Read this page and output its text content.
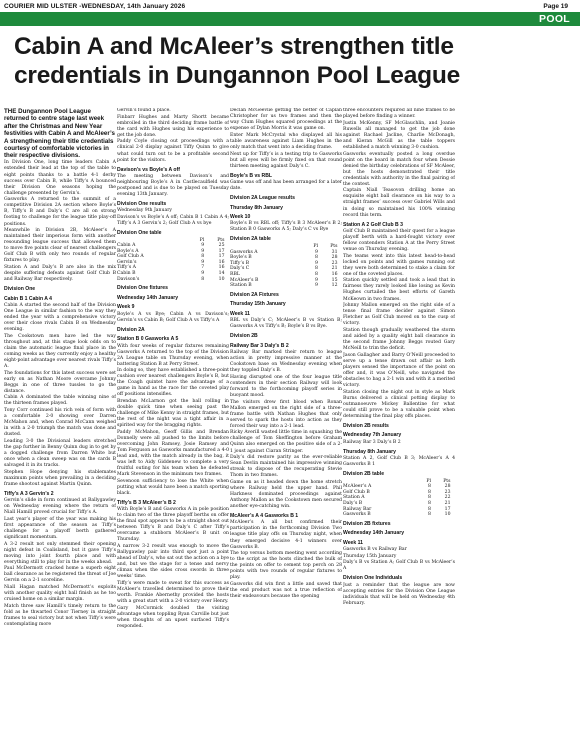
COURIER MID ULSTER -WEDNESDAY, 14th January 2026	Page 19
POOL
Cabin A and McAleer’s strengthen title credentials in Dungannon Pool League

THE Dungannon Pool League returned to centre stage last week after the Christmas and New Year festivities with Cabin A and McAleer’s A strengthening their title credentials courtesy of comfortable victories in their respective divisions.

In Division One, long time leaders Cabin A extended their lead at the top of the table to eight points thanks to a battle 4-1 derby success over Cabin B, while Tiffy’s A bounced their Division One seasons hoping the challenge presented by Gervin’s.

Gasworks A returned to the summit of a competitive Division 2A section where Boyle’s B, Tiffy’s B and Daly’s C are all on strong footing to challenge for the league title play-off positions.

Meanwhile in Division 2B, McAleer’s A maintained their imperious form with another resounding league success that allowed them to move five points clear of nearest challengers Golf Club B with only two rounds of regular fixtures to play.

Station A and Daly’s B are also in the mix despite suffering defeats against Golf Club B and Railway Bar respectively.

Division One

Cabin B 1 Cabin A 4

Cabin A started the second half of the Division One League in similar fashion to the way they ended the year with a comprehensive victory over their close rivals Cabin B on Wednesday evening.

The Cookstown men have led the way throughout and, at this stage look odds on to claim the automatic league final place in the coming weeks as they currently enjoy a healthy eight-point advantage over nearest rivals Tiffy’s A.

The foundations for this latest success were set early on as Nathan Moore overcame Johnny Beggs in one of three tussles to go the distance.

Cabin A dominated the table winning nine of the thirteen frames played.

Tony Corr continued his rich vein of form with a comfortable 2-0 showing over Darren McMahon and, when Conrad McCann weighed in with a 2-0 triumph the match was done and dusted.

Leading 3-0 the Divisional leaders stretched the gap further in Benny Quinn dug in to get by a dogged challenge from Darren White but once when a clean sweep was on the cards B salvaged it in its tracks.

Stephen Hope denying his stablemates maximum points when prevailing in a deciding frame shootout against Martin Quinn.

Tiffy’s A 3 Gervin’s 2

Gervin’s slide in form continued at Ballygawley on Wednesday evening where the return of Niall Hamill proved crucial for Tiffy’s A.

Last year’s player of the year was making his first appearance of the season as Tiffy’s challenge for a playoff berth gathered significant momentum.

A 3-2 result not only stemmed their opening night defeat in Coalisland, but it gave Tiffy’s moving into joint fourth place and with everything still to play for in the weeks ahead.

Paul McDermott cracked home a superb eight ball clearance as he registered the threat of Joe Gervin on a 2-1 scoreline.

Niall Hagan matched McDermott’s exploits with another quality eight ball finish as he too cruised home on a similar margin.

Match three saw Hamill’s timely return to the fold as he thwarted Conor Tierney in straight frames to seal victory but not when Tiffy’s were contemplating more

Gervin’s found a place.

Finbarr Hughes and Marty Shortt became embroiled in the third deciding frame battle of the card with Hughes using his experience to get the job done.

Paddy Coyle closing out proceedings with a clinical 2-0 display against Tiffy Quinn to give what could turn out to be a profitable second point for the visitors.

Davison’s vs Boyle’s A off

The meeting between Davison’s and neighbouring Boyle’s A in Castlecaulfield was postponed and is due to be played on Tuesday evening 13th January.

Division One results

Wednesday 9th January

Davison’s vs Boyle’s A off; Cabin B 1 Cabin A 4; Tiffy’s A 3 Gervin’s 2; Golf Club A vs bye

Division One table

	Pl	Pts
Cabin A	9	25
Boyle’s A	9	17
Golf Club A	8	17
Gervin’s	9	16
Tiffy’s A	7	16
Cabin B	9	14
Davison’s	8	10

Division One fixtures

Wednesday 14th January

Week 9

Boyle’s A vs Bye; Cabin A vs Davison’s; Gervin’s vs Cabin B; Golf Club A vs Tiffy’s A

Division 2A

Station B 0 Gasworks A 5

With four weeks of regular fixtures remaining Gasworks A returned to the top of the Division 2A League table on Thursday evening, when battering Station B at Perry Street.

In doing so, they have established a three-point cushion over nearest challengers Boyle’s B, but the Coagh quintet have the advantage of a game in hand as the race for the coveted play off positions intensifies.

Brendan McLarnon got the ball rolling in double quick time when seeing past the challenge of Mike Kenny in straight frames, but the rest of the night was a tight affair in a spirited way for the bragging rights.

Paddy McMahon, Geoff Gillis and Brendan Donnelly were all pushed to the limits before overcoming John Ramsey, Josie Ramsey and Tom Ferguson as Gasworks manufactured a 4-0 lead and, with the match already in the bag, it was left to Aidy Giddenew to complete a very fruitful outing for his team when he defeated Mark Stevenson in the minimum two frames.

Sevenoon sufficiency to lose the White when putting what would have been a match sporting black.

Tiffy’s B 3 McAleer’s B 2

With Boyle’s B and Gasworks A in pole position to claim two of the three playoff berths on offer the final spot appears to be a straight shoot out between Tiffy’s B and Daly’s C after Tiffy’s overcame a stubborn McAleer’s B unit on Thursday.

A narrow 3-2 result was enough to move the Ballygawley pair into third spot just a point ahead of Daly’s, who sat out the action on a bye and, but we the stage for a tense and nervy climax when the sides cross swords in three weeks’ time.

Tiffy’s were made to sweat for this success as McAleer’s travelled determined to prove their worth. Frankie Abernethy provided the hosts with a great start with a 2-0 victory over Henry.

Gary McCormick doubled the visiting advantage when toppling Ryan Carville but just when thoughts of an upset surfaced Tiffy’s responded.

Declan McGeevlie getting the better of Caplan Christopher for us two frames and then the way Clum Hughes squared proceedings at the expense of Dylan Morris it was game on.

Enter Mark McCrystal who displayed all his table awareness against Liam Hughes in the only match that went into a deciding frame.

Next up for Tiffy’s is a testing trip to Gasworks but all eyes will be firmly fixed on that round thirteen meeting against Daly’s C.

Boyle’s B vs RBL

Game was off and has been arranged for a later date.

Division 2A League results

Thursday 8th January

Week 10

Boyle’s B vs RBL off; Tiffy’s B 3 McAleer’s B 2; Station B 0 Gasworks A 5; Daly’s C vs Bye

Division 2A table

	Pl	Pts
Gasworks A	9	31
Boyle’s B	8	28
Tiffy’s B	9	23
Daly’s C	8	21
RBL	8	16
McAleer’s B	9	15
Station B	9	12

Division 2A Fixtures

Thursday 15th January

Week 11

RBL vs Daly’s C; McAleer’s B vs Station B; Gasworks A vs Tiffy’s B; Boyle’s B vs Bye.

Division 2B

Railway Bar 3 Daly’s B 2

Railway Bar marked their return to league action in pretty impressive manner at the Cookstown base on Wednesday evening when they toppled Daly’s B.

Having disrupted one of the four league title contenders in their section Railway will look forward to the forthcoming playoff series in buoyant mood.

The visitors drew first blood when Ronan Mallon emerged on the right side of a three-frame battle with Nathan Hughes that only served to spark the hosts into action as they forced their way into a 2-1 lead.

Ricky Averill wasted little time in squashing the challenge of Tom Skeffington before Graham Quinn also emerged on the positive side of a 2-1 joust against Ciaran Stringer.

Daly’s did restore parity as the ever-reliable Sean Devlin maintained his impressive winning streak to dispose of the recuperating Stevie Thom in two frames.

Game on as it headed down the home stretch where Railway held the upper hand. Phil Harkness dominated proceedings against Anthony Mallon as the Cookstown men secured another eye-catching win.

McAleer’s A 4 Gasworks B 1

McAleer’s A all but confirmed their participation in the forthcoming Division Two league title play offs on Thursday night, when they emerged decisive 4-1 winners over Gasworks B.

The top versus bottom meeting went according to the script as the hosts clinched the bulk of the points on offer to cement top perch on 28 points with two rounds of regular fixtures to play.

Gasworks did win first a little and saved that the end product was not a true reflection of their endeavours because the opening

three encounters required all nine frames to be played before finding a winner.

Justin McKenny, SF McGlauchlin, and Joanie Ruwells all managed to get the job done against Rachael Jacline, Charlie McDonagh, and Kieran McGill as the table toppers established a match winning 3-0 cushion.

Gasworks eventually posted a long overdue point on the board in match four when Dessie denied the birthday celebrations of SF McAleer, but the hosts demonstrated their title credentials with authority in the final pairing of the contest.

Captain Niall Teasovon drilling home an exquisite eight ball clearance on his way to a straight frames’ success over Gabriel Wills and in doing so maintained his 100% winning record this term.

Station A 2 Golf Club B 3

Golf Club B maintained their quest for a league playoff berth with a hard-fought victory over fellow contenders Station A at the Perry Street venue on Thursday evening.

The teams went into this latest head-to-head locked on points and with games running out they were both determined to stake a claim for one of the coveted places.

Station quickly settled and took a lead that in fairness they rarely looked like losing as Kevin Hughes curtailed the best efforts of Gareth McKeown in two frames.

Johnny Mallon emerged on the right side of a tense final frame decider against Simon Fletcher as Golf Club moved on to the cusp of victory.

Station though gradually weathered the storm and aided by a quality eight ball clearance in the second frame Johnny Beggs routed Gary McNeill to trim the deficit.

Jason Gallagher and Barry O’Neill proceeded to serve up a tense drawn out affair as both players sensed the importance of the point on offer and, it was O’Neill, who navigated the obstacles to bag a 2-1 win and with it a merited victory.

Station closing the night out in style as Mark Burns delivered a clinical potting display to outmanoeuvre Mickey Ballentine for what could still prove to be a valuable point when determining the final play offs places.

Division 2B results

Wednesday 7th January

Railway Bar 3 Daly’s B 2

Thursday 8th January

Station A 2, Golf Club B 3; McAleer’s A 4 Gasworks B 1

Division 2B table

	Pl	Pts
McAleer’s A	8	28
Golf Club B	8	23
Station A	8	22
Daly’s B	8	21
Railway Bar	8	17
Gasworks B	8	10

Division 2B fixtures

Wednesday 14th January

Week 11

Gasworks B vs Railway Bar

Thursday 15th January

Daly’s B vs Station A; Golf Club B vs McAleer’s A

Division One Individuals

Just a reminder that the league are now accepting entries for the Division One League individuals that will be held on Wednesday 4th February.
